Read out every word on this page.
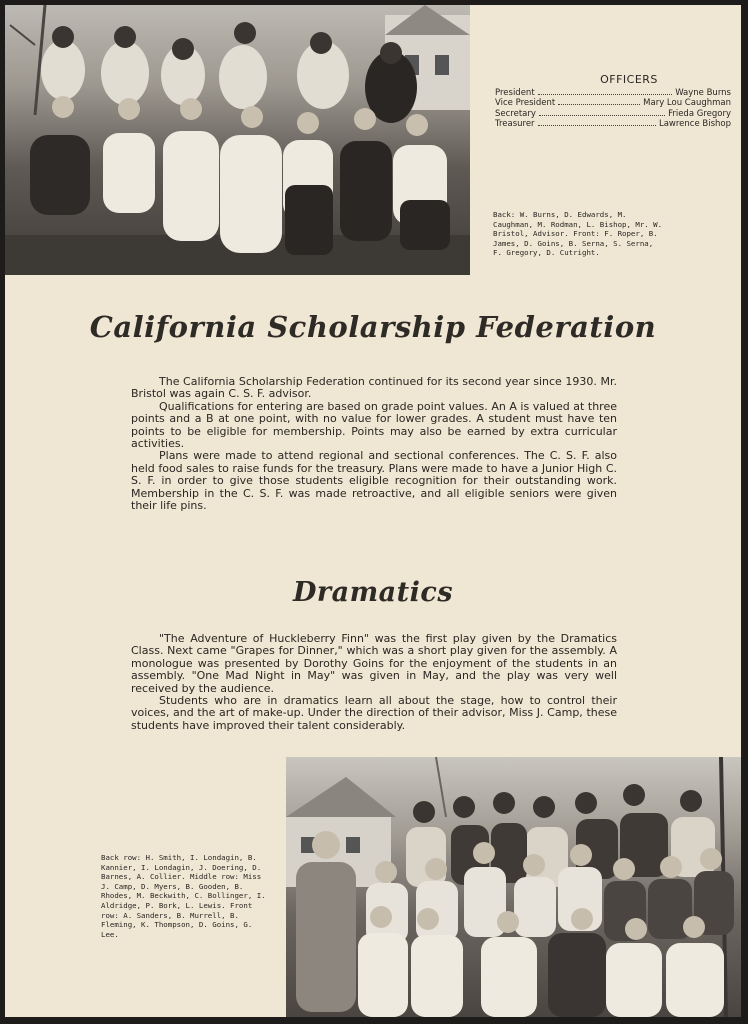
OFFICERS
President	Wayne Burns
Vice President	Mary Lou Caughman
Secretary	Frieda Gregory
Treasurer	Lawrence Bishop
Back: W. Burns, D. Edwards, M. Caughman, M. Rodman, L. Bishop, Mr. W. Bristol, Advisor. Front: F. Roper, B. James, D. Goins, B. Serna, S. Serna, F. Gregory, D. Cutright.
California Scholarship Federation

The California Scholarship Federation continued for its second year since 1930. Mr. Bristol was again C. S. F. advisor.

Qualifications for entering are based on grade point values. An A is valued at three points and a B at one point, with no value for lower grades. A student must have ten points to be eligible for membership. Points may also be earned by extra curricular activities.

Plans were made to attend regional and sectional conferences. The C. S. F. also held food sales to raise funds for the treasury. Plans were made to have a Junior High C. S. F. in order to give those students eligible recognition for their outstanding work. Membership in the C. S. F. was made retroactive, and all eligible seniors were given their life pins.

Dramatics

"The Adventure of Huckleberry Finn" was the first play given by the Dramatics Class. Next came "Grapes for Dinner," which was a short play given for the assembly. A monologue was presented by Dorothy Goins for the enjoyment of the students in an assembly. "One Mad Night in May" was given in May, and the play was very well received by the audience.

Students who are in dramatics learn all about the stage, how to control their voices, and the art of make-up. Under the direction of their advisor, Miss J. Camp, these students have improved their talent considerably.

Back row: H. Smith, I. Londagin, B. Kannier, I. Londagin, J. Doering, D. Barnes, A. Collier. Middle row: Miss J. Camp, D. Myers, B. Gooden, B. Rhodes, M. Beckwith, C. Bollinger, I. Aldridge, P. Bork, L. Lewis. Front row: A. Sanders, B. Murrell, B. Fleming, K. Thompson, D. Goins, G. Lee.
